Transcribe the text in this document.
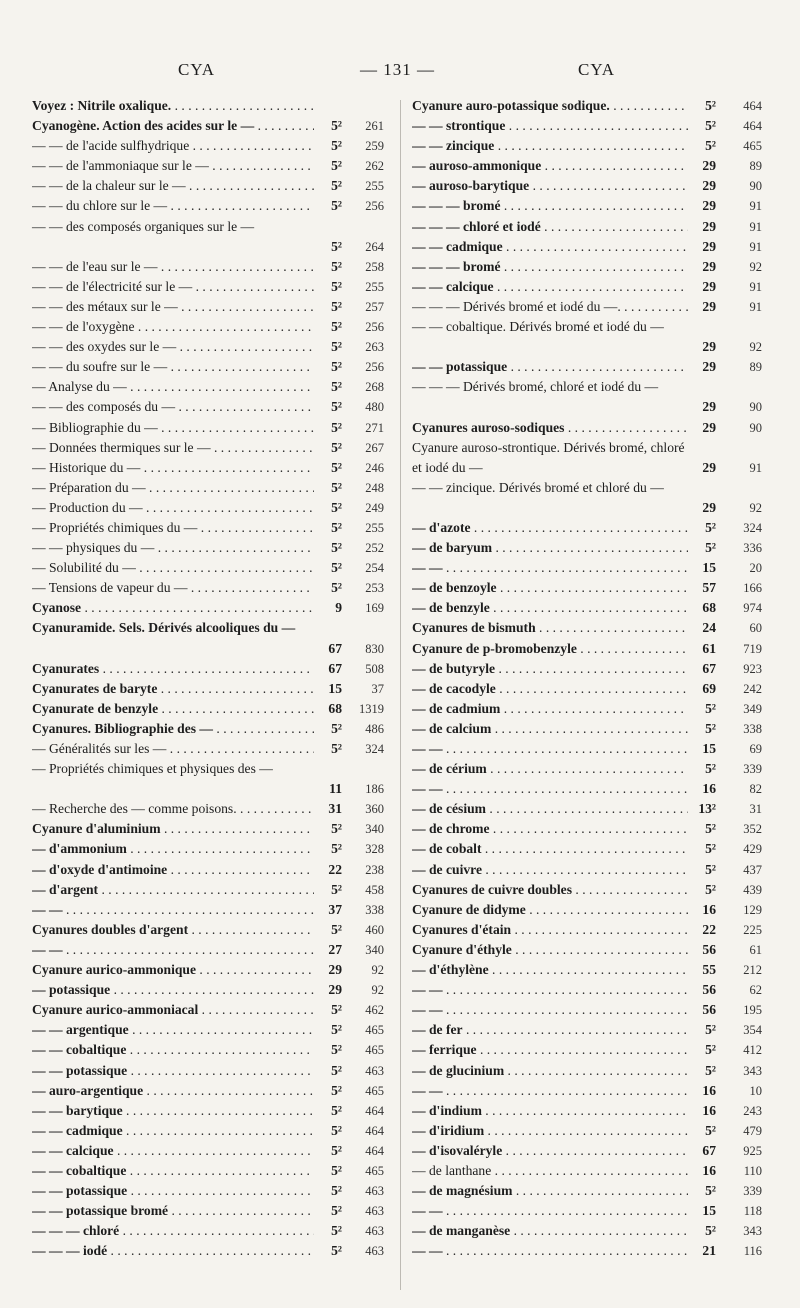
CYA	— 131 —	CYA
Voyez : Nitrile oxalique. . . .
Cyanogène. Action des acides sur le — . . .	5²	261
— — de l'acide sulfhydrique . . .	5²	259
— — de l'ammoniaque sur le — . . .	5²	262
— — de la chaleur sur le — . . .	5²	255
— — du chlore sur le — . . .	5²	256
— — des composés organiques sur le —
5²	264
— — de l'eau sur le — . . .	5²	258
— — de l'électricité sur le — . . .	5²	255
— — des métaux sur le — . . .	5²	257
— — de l'oxygène . . .	5²	256
— — des oxydes sur le — . . .	5²	263
— — du soufre sur le — . . .	5²	256
— Analyse du — . . .	5²	268
— — des composés du — . . .	5²	480
— Bibliographie du — . . .	5²	271
— Données thermiques sur le — . . .	5²	267
— Historique du — . . .	5²	246
— Préparation du — . . .	5²	248
— Production du — . . .	5²	249
— Propriétés chimiques du — . . .	5²	255
— — physiques du — . . .	5²	252
— Solubilité du — . . .	5²	254
— Tensions de vapeur du — . . .	5²	253
Cyanose . . .	9	169
Cyanuramide. Sels. Dérivés alcooliques du —
67	830
Cyanurates . . .	67	508
Cyanurates de baryte . . .	15	37
Cyanurate de benzyle . . .	68	1319
Cyanures. Bibliographie des — . . .	5²	486
— Généralités sur les — . . .	5²	324
— Propriétés chimiques et physiques des —
11	186
— Recherche des — comme poisons. . . .	31	360
Cyanure d'aluminium . . .	5²	340
— d'ammonium . . .	5²	328
— d'oxyde d'antimoine . . .	22	238
— d'argent . . .	5²	458
— — . . .	37	338
Cyanures doubles d'argent . . .	5²	460
— — . . .	27	340
Cyanure aurico-ammonique . . .	29	92
— potassique . . .	29	92
Cyanure aurico-ammoniacal . . .	5²	462
— — argentique . . .	5²	465
— — cobaltique . . .	5²	465
— — potassique . . .	5²	463
— auro-argentique . . .	5²	465
— — barytique . . .	5²	464
— — cadmique . . .	5²	464
— — calcique . . .	5²	464
— — cobaltique . . .	5²	465
— — potassique . . .	5²	463
— — potassique bromé . . .	5²	463
— — — chloré . . .	5²	463
— — — iodé . . .	5²	463
Cyanure auro-potassique sodique. . . .	5²	464
— — strontique . . .	5²	464
— — zincique . . .	5²	465
— auroso-ammonique . . .	29	89
— auroso-barytique . . .	29	90
— — — bromé . . .	29	91
— — — chloré et iodé . . .	29	91
— — cadmique . . .	29	91
— — — bromé . . .	29	92
— — calcique . . .	29	91
— — — Dérivés bromé et iodé du —. . . .	29	91
— — cobaltique. Dérivés bromé et iodé du —
29	92
— — potassique . . .	29	89
— — — Dérivés bromé, chloré et iodé du —
29	90
Cyanures auroso-sodiques . . .	29	90
Cyanure auroso-strontique. Dérivés bromé, chloré et iodé du —	29	91
— — zincique. Dérivés bromé et chloré du —
29	92
— d'azote . . .	5²	324
— de baryum . . .	5²	336
— — . . .	15	20
— de benzoyle . . .	57	166
— de benzyle . . .	68	974
Cyanures de bismuth . . .	24	60
Cyanure de p-bromobenzyle . . .	61	719
— de butyryle . . .	67	923
— de cacodyle . . .	69	242
— de cadmium . . .	5²	349
— de calcium . . .	5²	338
— — . . .	15	69
— de cérium . . .	5²	339
— — . . .	16	82
— de césium . . .	13²	31
— de chrome . . .	5²	352
— de cobalt . . .	5²	429
— de cuivre . . .	5²	437
Cyanures de cuivre doubles . . .	5²	439
Cyanure de didyme . . .	16	129
Cyanures d'étain . . .	22	225
Cyanure d'éthyle . . .	56	61
— d'éthylène . . .	55	212
— — . . .	56	62
— — . . .	56	195
— de fer . . .	5²	354
— ferrique . . .	5²	412
— de glucinium . . .	5²	343
— — . . .	16	10
— d'indium . . .	16	243
— d'iridium . . .	5²	479
— d'isovaléryle . . .	67	925
— de lanthane . . .	16	110
— de magnésium . . .	5²	339
— — . . .	15	118
— de manganèse . . .	5²	343
— — . . .	21	116
